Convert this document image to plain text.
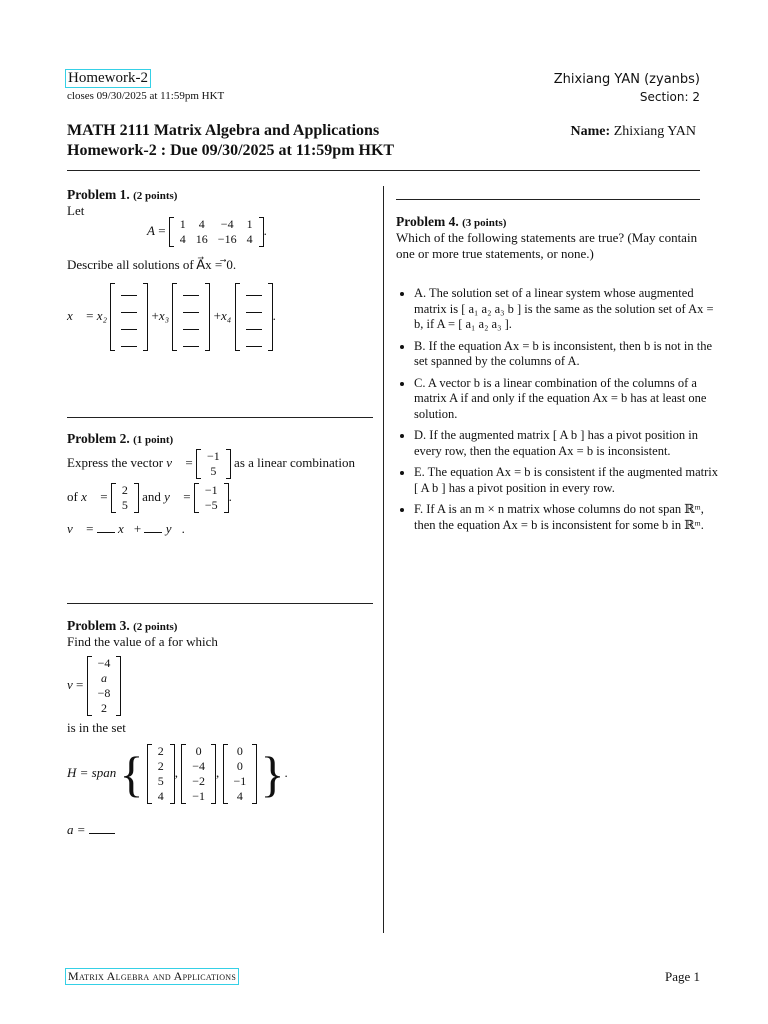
Homework-2
closes 09/30/2025 at 11:59pm HKT
Zhixiang YAN (zyanbs)
Section: 2
MATH 2111 Matrix Algebra and Applications
Homework-2 : Due 09/30/2025 at 11:59pm HKT
Name: Zhixiang YAN
Problem 1. (2 points)
Let
A = 1	4	−4	1
4	16	−16	4
.
Describe all solutions of A⃗x = ⃗0.
x⃗ = x₂	+x₃	+x₄	.
Problem 2. (1 point)
Express the vector v⃗ = −1
5
as a linear combination
of x⃗ = 2
5
and y⃗ = −1
−5
.
v⃗ =  x⃗+  y⃗.
Problem 3. (2 points)
Find the value of a for which
v =
−4
a
−8
2
is in the set
H = span { 2
2
5
4
,
0
−4
−2
−1
,
0
0
−1
4 }.
a =
Problem 4. (3 points)
Which of the following statements are true? (May contain one or more true statements, or none.)
• A. The solution set of a linear system whose augmented matrix is [ a₁ a₂ a₃ b ] is the same as the solution set of Ax = b, if A = [ a₁ a₂ a₃ ].
• B. If the equation Ax = b is inconsistent, then b is not in the set spanned by the columns of A.
• C. A vector b is a linear combination of the columns of a matrix A if and only if the equation Ax = b has at least one solution.
• D. If the augmented matrix [ A b ] has a pivot position in every row, then the equation Ax = b is inconsistent.
• E. The equation Ax = b is consistent if the augmented matrix [ A b ] has a pivot position in every row.
• F. If A is an m × n matrix whose columns do not span ℝᵐ, then the equation Ax = b is inconsistent for some b in ℝᵐ.
Matrix Algebra and Applications	Page 1
